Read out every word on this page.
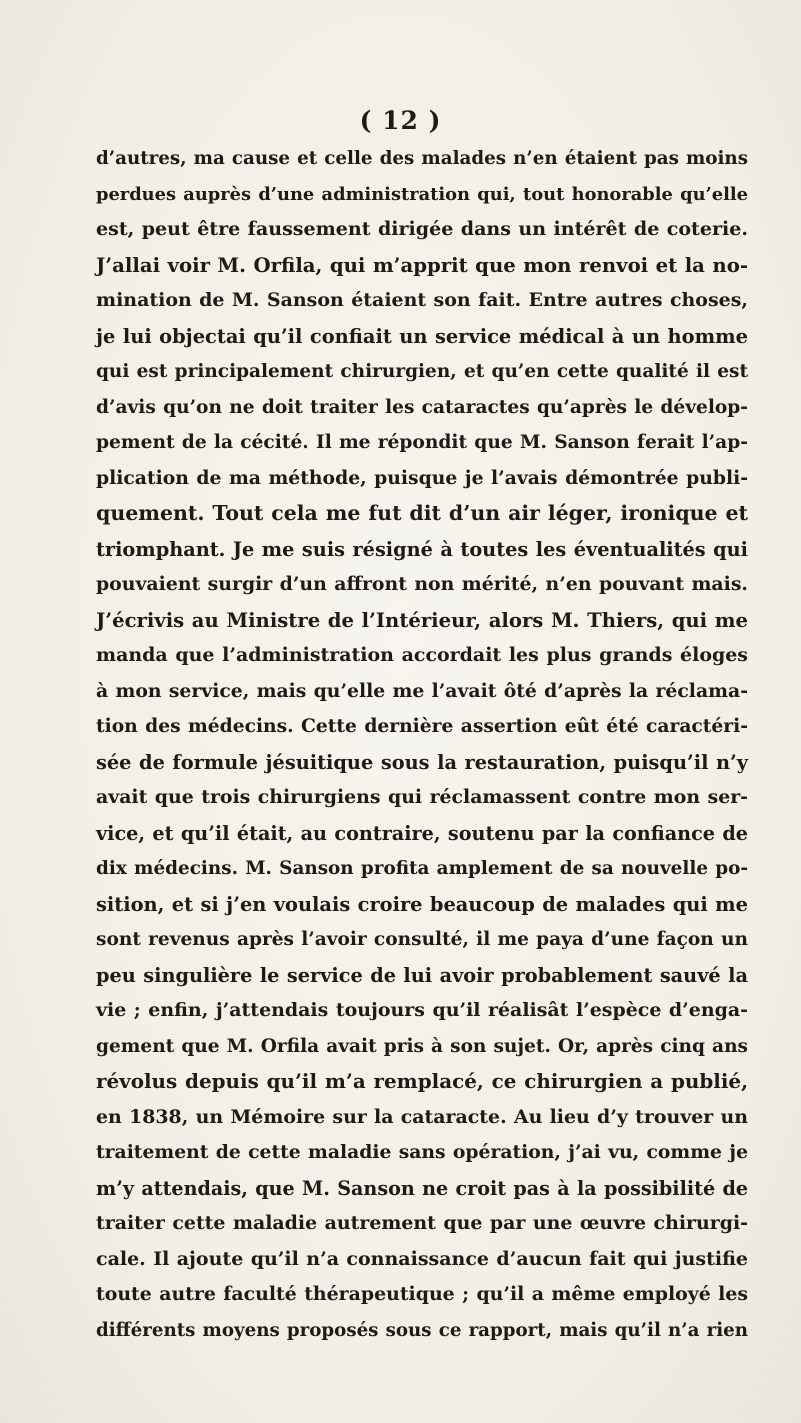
( 12 )
d’autres, ma cause et celle des malades n’en étaient pas moins
perdues auprès d’une administration qui, tout honorable qu’elle
est, peut être faussement dirigée dans un intérêt de coterie.
J’allai voir M. Orfila, qui m’apprit que mon renvoi et la no-
mination de M. Sanson étaient son fait. Entre autres choses,
je lui objectai qu’il confiait un service médical à un homme
qui est principalement chirurgien, et qu’en cette qualité il est
d’avis qu’on ne doit traiter les cataractes qu’après le dévelop-
pement de la cécité. Il me répondit que M. Sanson ferait l’ap-
plication de ma méthode, puisque je l’avais démontrée publi-
quement. Tout cela me fut dit d’un air léger, ironique et
triomphant. Je me suis résigné à toutes les éventualités qui
pouvaient surgir d’un affront non mérité, n’en pouvant mais.
J’écrivis au Ministre de l’Intérieur, alors M. Thiers, qui me
manda que l’administration accordait les plus grands éloges
à mon service, mais qu’elle me l’avait ôté d’après la réclama-
tion des médecins. Cette dernière assertion eût été caractéri-
sée de formule jésuitique sous la restauration, puisqu’il n’y
avait que trois chirurgiens qui réclamassent contre mon ser-
vice, et qu’il était, au contraire, soutenu par la confiance de
dix médecins. M. Sanson profita amplement de sa nouvelle po-
sition, et si j’en voulais croire beaucoup de malades qui me
sont revenus après l’avoir consulté, il me paya d’une façon un
peu singulière le service de lui avoir probablement sauvé la
vie ; enfin, j’attendais toujours qu’il réalisât l’espèce d’enga-
gement que M. Orfila avait pris à son sujet. Or, après cinq ans
révolus depuis qu’il m’a remplacé, ce chirurgien a publié,
en 1838, un Mémoire sur la cataracte. Au lieu d’y trouver un
traitement de cette maladie sans opération, j’ai vu, comme je
m’y attendais, que M. Sanson ne croit pas à la possibilité de
traiter cette maladie autrement que par une œuvre chirurgi-
cale. Il ajoute qu’il n’a connaissance d’aucun fait qui justifie
toute autre faculté thérapeutique ; qu’il a même employé les
différents moyens proposés sous ce rapport, mais qu’il n’a rien
